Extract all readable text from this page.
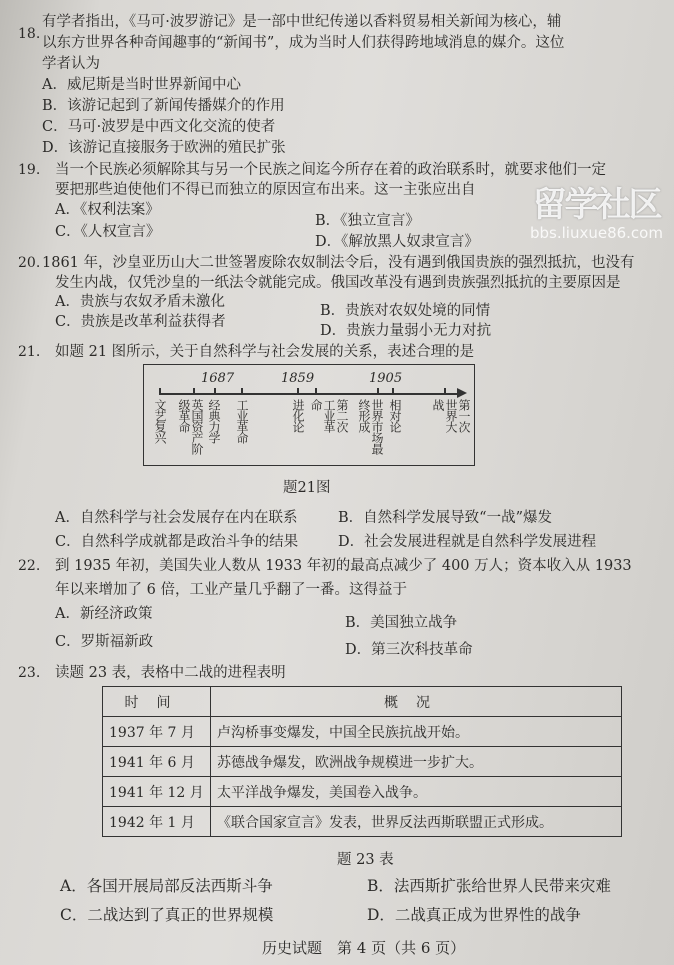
18.
有学者指出，《马可·波罗游记》是一部中世纪传递以香料贸易相关新闻为核心，辅
以东方世界各种奇闻趣事的“新闻书”，成为当时人们获得跨地域消息的媒介。这位
学者认为
A．威尼斯是当时世界新闻中心
B．该游记起到了新闻传播媒介的作用
C．马可·波罗是中西文化交流的使者
D．该游记直接服务于欧洲的殖民扩张
19. 当一个民族必须解除其与另一个民族之间迄今所存在着的政治联系时，就要求他们一定
要把那些迫使他们不得已而独立的原因宣布出来。这一主张应出自
A．《权利法案》
B．《独立宣言》
C．《人权宣言》
D．《解放黑人奴隶宣言》
20. 1861 年，沙皇亚历山大二世签署废除农奴制法令后，没有遇到俄国贵族的强烈抵抗，也没有
发生内战，仅凭沙皇的一纸法令就能完成。俄国改革没有遇到贵族强烈抵抗的主要原因是
A．贵族与农奴矛盾未激化
B．贵族对农奴处境的同情
C．贵族是改革利益获得者
D．贵族力量弱小无力对抗
21. 如题 21 图所示，关于自然科学与社会发展的关系，表述合理的是
1687	1859	1905
文艺复兴	英国资产阶级革命	经典力学 工业革命	进化论	第二次工业革命	世界市场最终形成	相对论	第一次世界大战
题21图
A．自然科学与社会发展存在内在联系	B．自然科学发展导致“一战”爆发
C．自然科学成就都是政治斗争的结果	D．社会发展进程就是自然科学发展进程
22. 到 1935 年初，美国失业人数从 1933 年初的最高点减少了 400 万人；资本收入从 1933
年以来增加了 6 倍，工业产量几乎翻了一番。这得益于
A．新经济政策
B．美国独立战争
C．罗斯福新政	D．第三次科技革命
23. 读题 23 表，表格中二战的进程表明
时间	概况
1937 年 7 月	卢沟桥事变爆发，中国全民族抗战开始。
1941 年 6 月	苏德战争爆发，欧洲战争规模进一步扩大。
1941 年 12 月	太平洋战争爆发，美国卷入战争。
1942 年 1 月	《联合国家宣言》发表，世界反法西斯联盟正式形成。
题 23 表
A．各国开展局部反法西斯斗争	B．法西斯扩张给世界人民带来灾难
C．二战达到了真正的世界规模	D．二战真正成为世界性的战争
历史试题　第 4 页（共 6 页）
留学社区
bbs.liuxue86.com
